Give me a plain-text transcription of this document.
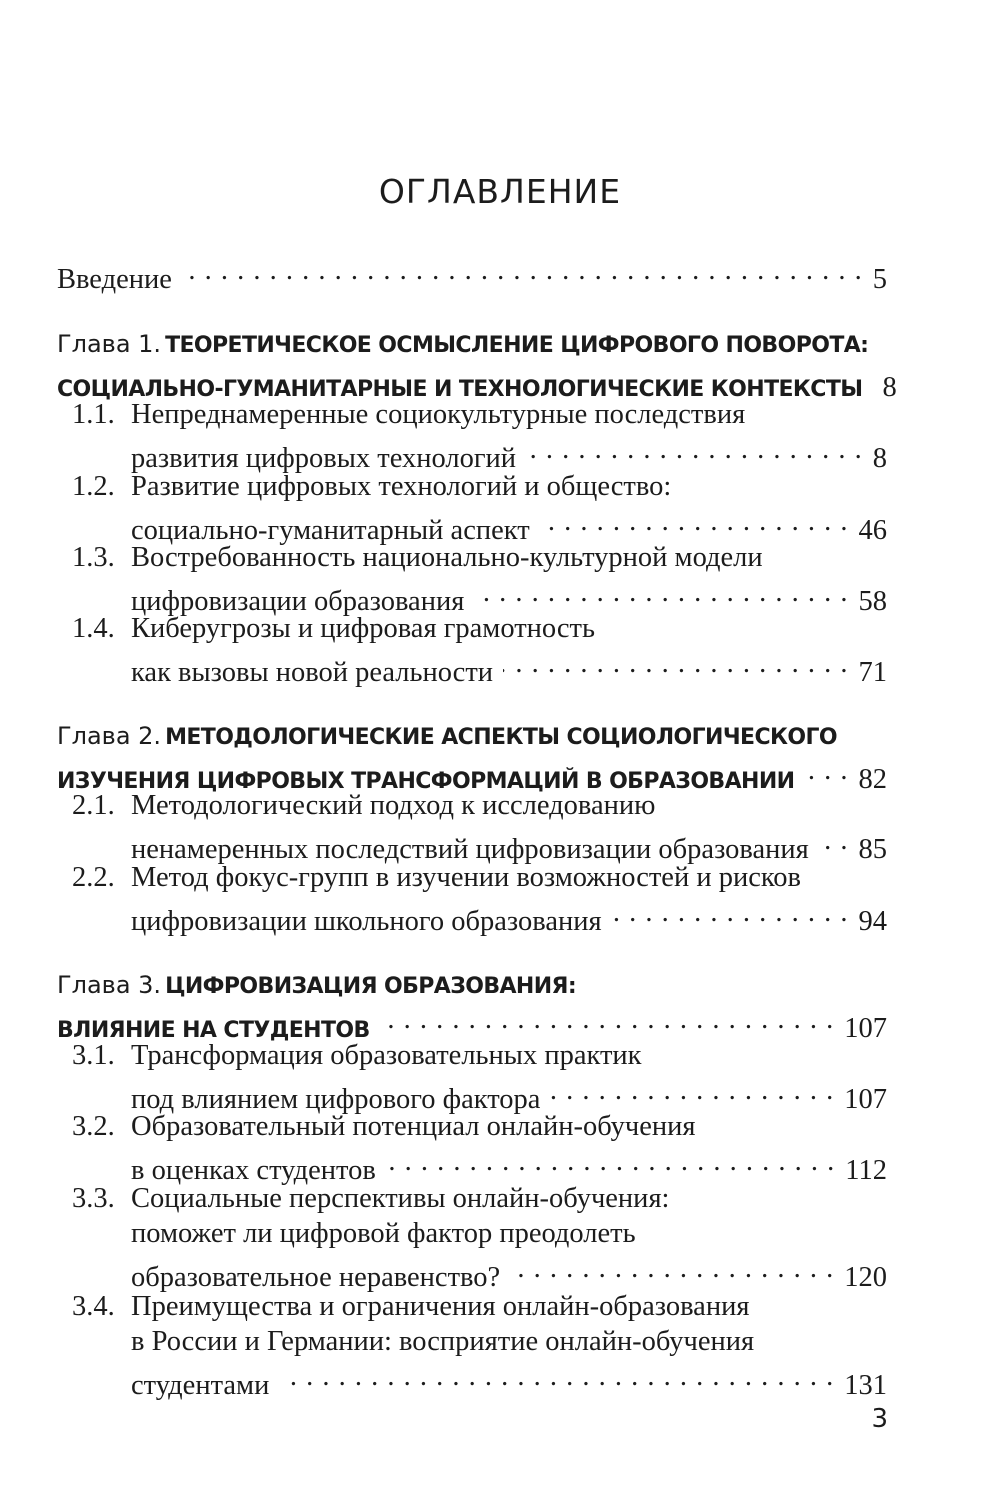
ОГЛАВЛЕНИЕ
Введение . . .	5
Глава 1. ТЕОРЕТИЧЕСКОЕ ОСМЫСЛЕНИЕ ЦИФРОВОГО ПОВОРОТА:
СОЦИАЛЬНО-ГУМАНИТАРНЫЕ И ТЕХНОЛОГИЧЕСКИЕ КОНТЕКСТЫ 8
1.1. Непреднамеренные социокультурные последствия
развития цифровых технологий . . .	8
1.2. Развитие цифровых технологий и общество:
социально-гуманитарный аспект . . .	46
1.3. Востребованность национально-культурной модели
цифровизации образования . . .	58
1.4. Киберугрозы и цифровая грамотность
как вызовы новой реальности . . .	71
Глава 2. МЕТОДОЛОГИЧЕСКИЕ АСПЕКТЫ СОЦИОЛОГИЧЕСКОГО
ИЗУЧЕНИЯ ЦИФРОВЫХ ТРАНСФОРМАЦИЙ В ОБРАЗОВАНИИ . . . 82
2.1. Методологический подход к исследованию
ненамеренных последствий цифровизации образования . . . 85
2.2. Метод фокус-групп в изучении возможностей и рисков
цифровизации школьного образования . . .	94
Глава 3. ЦИФРОВИЗАЦИЯ ОБРАЗОВАНИЯ:
ВЛИЯНИЕ НА СТУДЕНТОВ . . .	107
3.1. Трансформация образовательных практик
под влиянием цифрового фактора . . .	107
3.2. Образовательный потенциал онлайн-обучения
в оценках студентов . . .	112
3.3. Социальные перспективы онлайн-обучения:
поможет ли цифровой фактор преодолеть
образовательное неравенство? . . .	120
3.4. Преимущества и ограничения онлайн-образования
в России и Германии: восприятие онлайн-обучения
студентами . . .	131
3
